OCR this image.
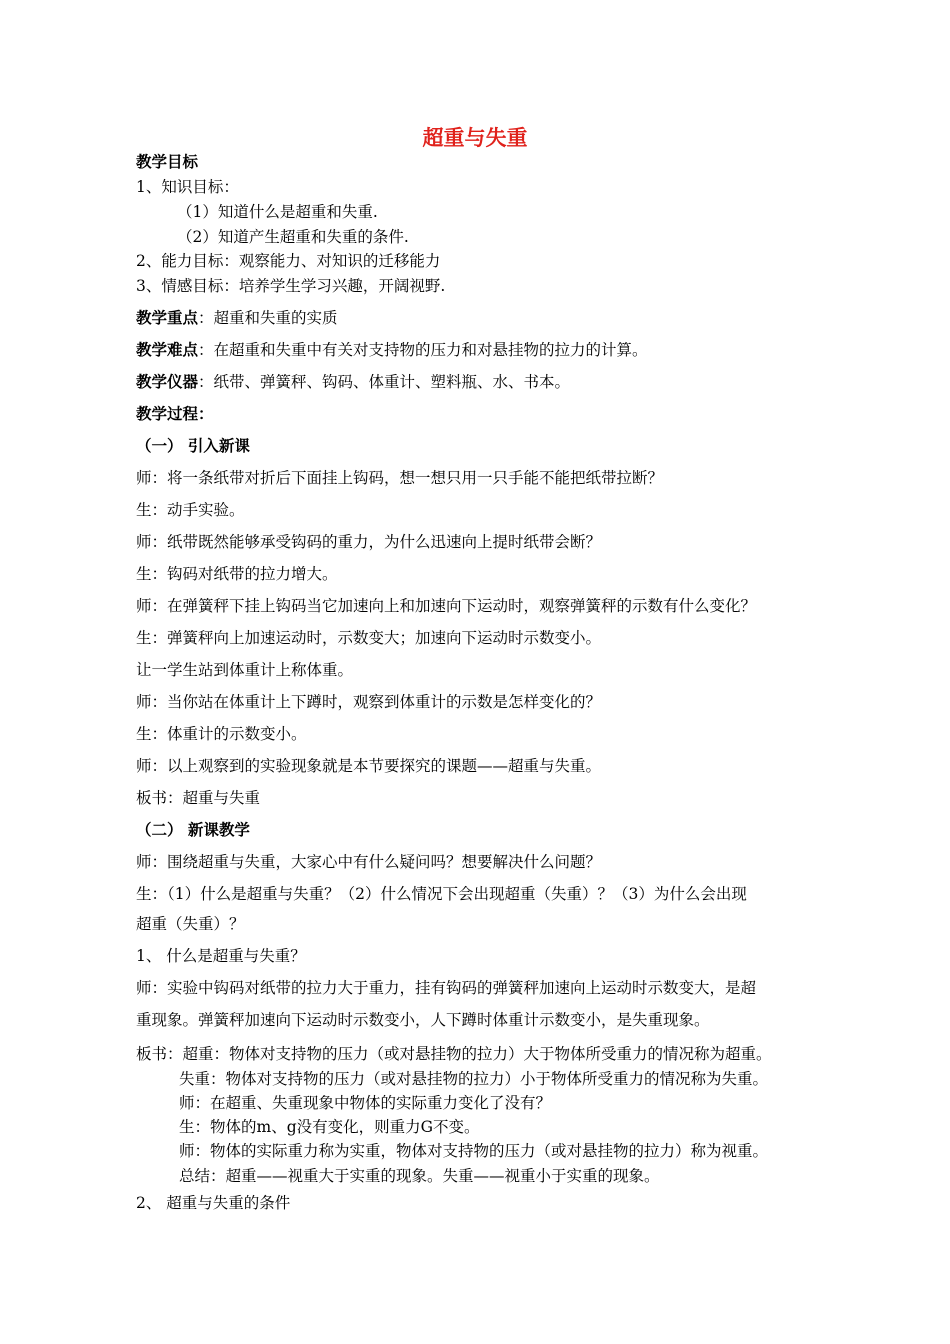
超重与失重
教学目标
1、知识目标：
（1）知道什么是超重和失重.
（2）知道产生超重和失重的条件.
2、能力目标：观察能力、对知识的迁移能力
3、情感目标：培养学生学习兴趣，开阔视野.
教学重点：超重和失重的实质
教学难点：在超重和失重中有关对支持物的压力和对悬挂物的拉力的计算。
教学仪器：纸带、弹簧秤、钩码、体重计、塑料瓶、水、书本。
教学过程：
（一） 引入新课
师：将一条纸带对折后下面挂上钩码，想一想只用一只手能不能把纸带拉断？
生：动手实验。
师：纸带既然能够承受钩码的重力，为什么迅速向上提时纸带会断？
生：钩码对纸带的拉力增大。
师：在弹簧秤下挂上钩码当它加速向上和加速向下运动时，观察弹簧秤的示数有什么变化？
生：弹簧秤向上加速运动时，示数变大；加速向下运动时示数变小。
让一学生站到体重计上称体重。
师：当你站在体重计上下蹲时，观察到体重计的示数是怎样变化的？
生：体重计的示数变小。
师：以上观察到的实验现象就是本节要探究的课题——超重与失重。
板书：超重与失重
（二） 新课教学
师：围绕超重与失重，大家心中有什么疑问吗？想要解决什么问题？
生：（1）什么是超重与失重？（2）什么情况下会出现超重（失重）？（3）为什么会出现
超重（失重）？
1、 什么是超重与失重？
师：实验中钩码对纸带的拉力大于重力，挂有钩码的弹簧秤加速向上运动时示数变大，是超
重现象。弹簧秤加速向下运动时示数变小，人下蹲时体重计示数变小，是失重现象。
板书：超重：物体对支持物的压力（或对悬挂物的拉力）大于物体所受重力的情况称为超重。
失重：物体对支持物的压力（或对悬挂物的拉力）小于物体所受重力的情况称为失重。
师：在超重、失重现象中物体的实际重力变化了没有？
生：物体的m、g没有变化，则重力G不变。
师：物体的实际重力称为实重，物体对支持物的压力（或对悬挂物的拉力）称为视重。
总结：超重——视重大于实重的现象。失重——视重小于实重的现象。
2、 超重与失重的条件
